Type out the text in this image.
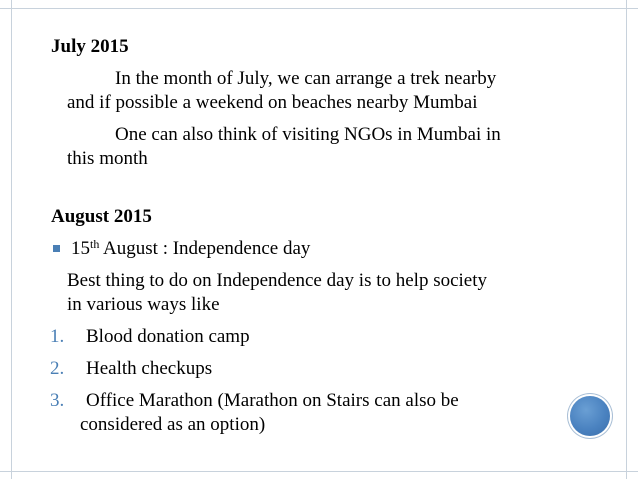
July 2015
In the month of July, we can arrange a trek nearby
and if possible a weekend on beaches nearby Mumbai
One can also think of visiting NGOs in Mumbai in
this month
August 2015
15th August : Independence day
Best thing to do on Independence day is to help society
in various ways like
1. Blood donation camp
2. Health checkups
3. Office Marathon (Marathon on Stairs can also be
considered as an option)
